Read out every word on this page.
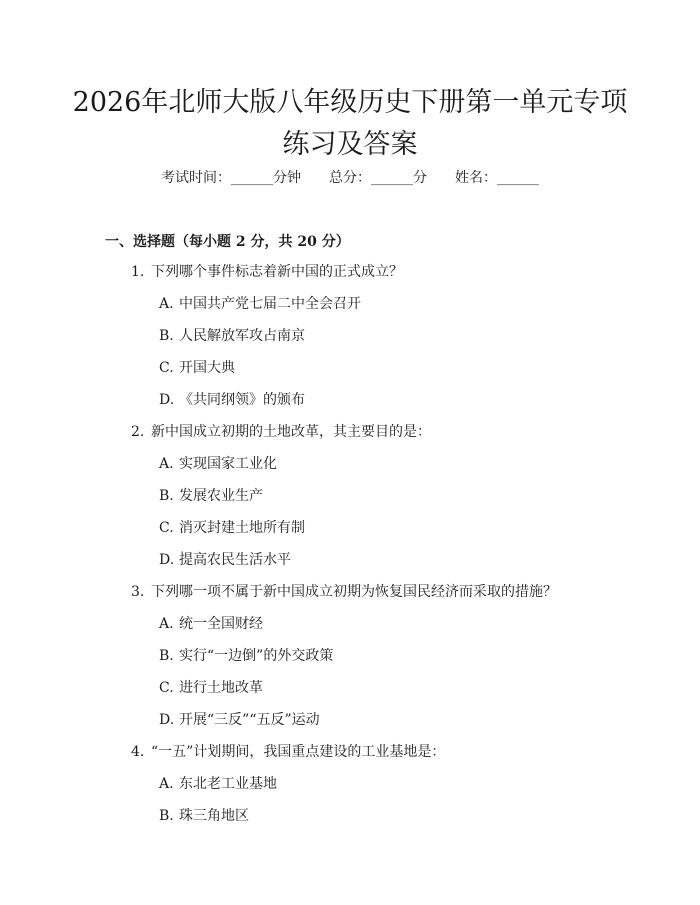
2026年北师大版八年级历史下册第一单元专项练习及答案
考试时间：______分钟 总分：______分 姓名：______
一、选择题（每小题 2 分，共 20 分）
1. 下列哪个事件标志着新中国的正式成立？
A. 中国共产党七届二中全会召开
B. 人民解放军攻占南京
C. 开国大典
D. 《共同纲领》的颁布
2. 新中国成立初期的土地改革，其主要目的是：
A. 实现国家工业化
B. 发展农业生产
C. 消灭封建土地所有制
D. 提高农民生活水平
3. 下列哪一项不属于新中国成立初期为恢复国民经济而采取的措施？
A. 统一全国财经
B. 实行“一边倒”的外交政策
C. 进行土地改革
D. 开展“三反”“五反”运动
4. “一五”计划期间，我国重点建设的工业基地是：
A. 东北老工业基地
B. 珠三角地区
